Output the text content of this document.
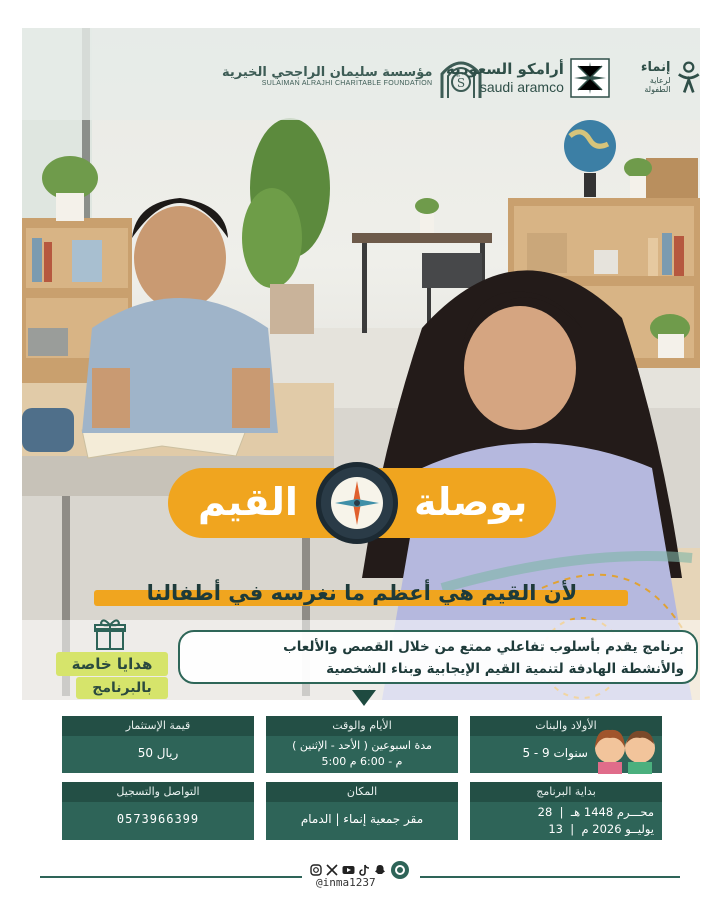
مؤسسة سليمان الراجحي الخيرية
SULAIMAN ALRAJHI CHARITABLE FOUNDATION S
أرامكو السعودية
saudi aramco
إنماء
لرعاية الطفولة
بوصلة
القيم
لأن القيم هي أعظم ما نغرسه في أطفالنا
هدايا خاصة
بالبرنامج
برنامج يقدم بأسلوب تفاعلي ممتع من خلال القصص والألعاب
والأنشطة الهادفة لتنمية القيم الإيجابية وبناء الشخصية
الأولاد والبنات
5 - 9 سنوات
الأيام والوقت
مدة اسبوعين ( الأحد - الإثنين )
5:00 م - 6:00 م
قيمة الإستثمار
50 ريال
بداية البرنامج
محـــرم 1448 هـ  |  28
يوليــو 2026 م  |  13
المكان
مقر جمعية إنماء | الدمام
التواصل والتسجيل
0573966399
@inma1237
